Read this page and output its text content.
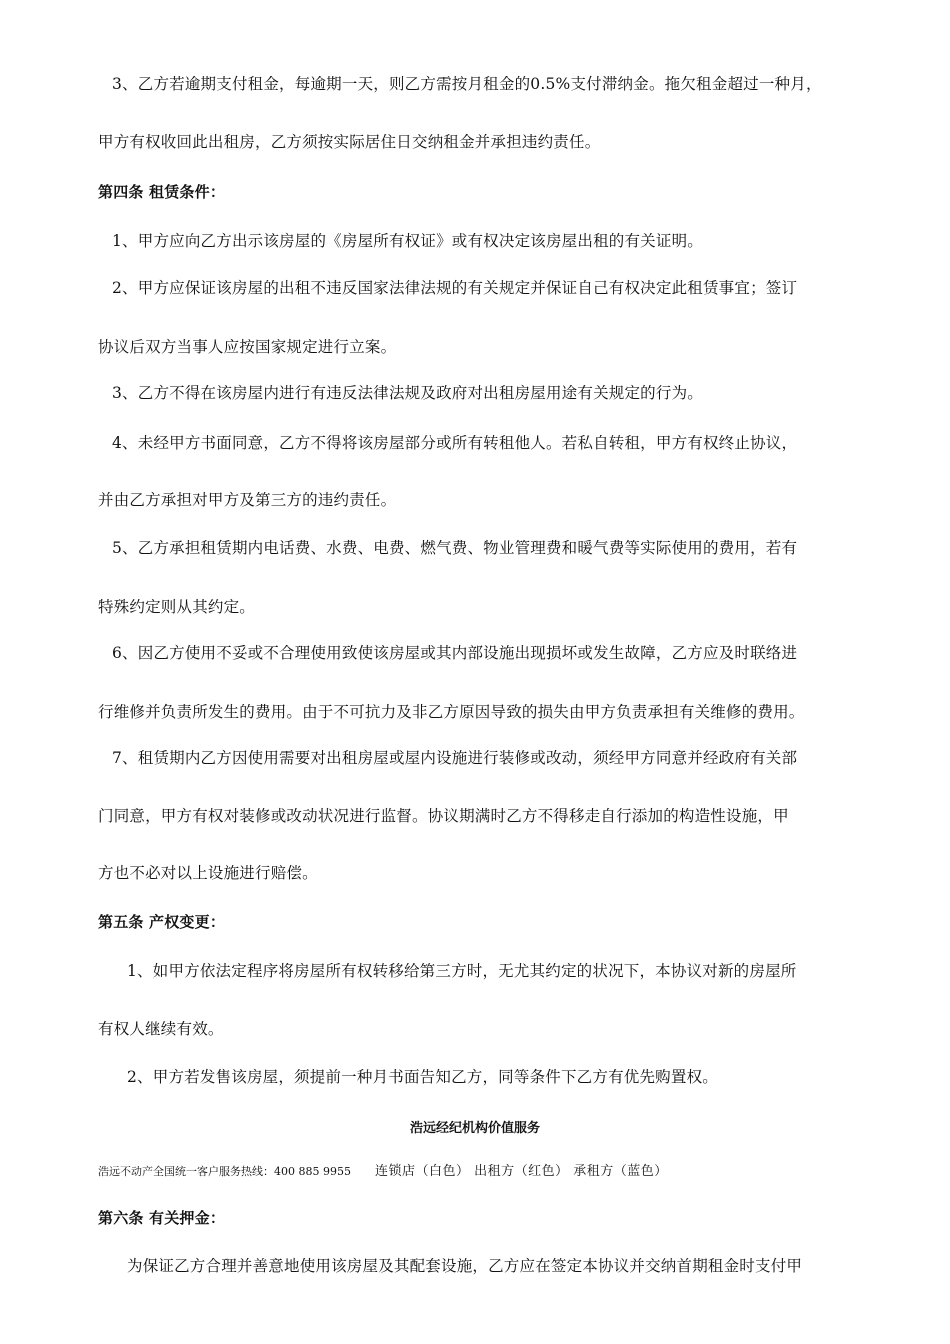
3、乙方若逾期支付租金，每逾期一天，则乙方需按月租金的0.5%支付滞纳金。拖欠租金超过一种月，
甲方有权收回此出租房，乙方须按实际居住日交纳租金并承担违约责任。
第四条 租赁条件：
1、甲方应向乙方出示该房屋的《房屋所有权证》或有权决定该房屋出租的有关证明。
2、甲方应保证该房屋的出租不违反国家法律法规的有关规定并保证自己有权决定此租赁事宜；签订
协议后双方当事人应按国家规定进行立案。
3、乙方不得在该房屋内进行有违反法律法规及政府对出租房屋用途有关规定的行为。
4、未经甲方书面同意，乙方不得将该房屋部分或所有转租他人。若私自转租，甲方有权终止协议，
并由乙方承担对甲方及第三方的违约责任。
5、乙方承担租赁期内电话费、水费、电费、燃气费、物业管理费和暖气费等实际使用的费用，若有
特殊约定则从其约定。
6、因乙方使用不妥或不合理使用致使该房屋或其内部设施出现损坏或发生故障，乙方应及时联络进
行维修并负责所发生的费用。由于不可抗力及非乙方原因导致的损失由甲方负责承担有关维修的费用。
7、租赁期内乙方因使用需要对出租房屋或屋内设施进行装修或改动，须经甲方同意并经政府有关部
门同意，甲方有权对装修或改动状况进行监督。协议期满时乙方不得移走自行添加的构造性设施，甲
方也不必对以上设施进行赔偿。
第五条 产权变更：
1、如甲方依法定程序将房屋所有权转移给第三方时，无尤其约定的状况下，本协议对新的房屋所
有权人继续有效。
2、甲方若发售该房屋，须提前一种月书面告知乙方，同等条件下乙方有优先购置权。
浩远经纪机构价值服务
浩远不动产全国统一客户服务热线：400 885 9955 连锁店（白色） 出租方（红色） 承租方（蓝色）
第六条 有关押金：
为保证乙方合理并善意地使用该房屋及其配套设施，乙方应在签定本协议并交纳首期租金时支付甲
